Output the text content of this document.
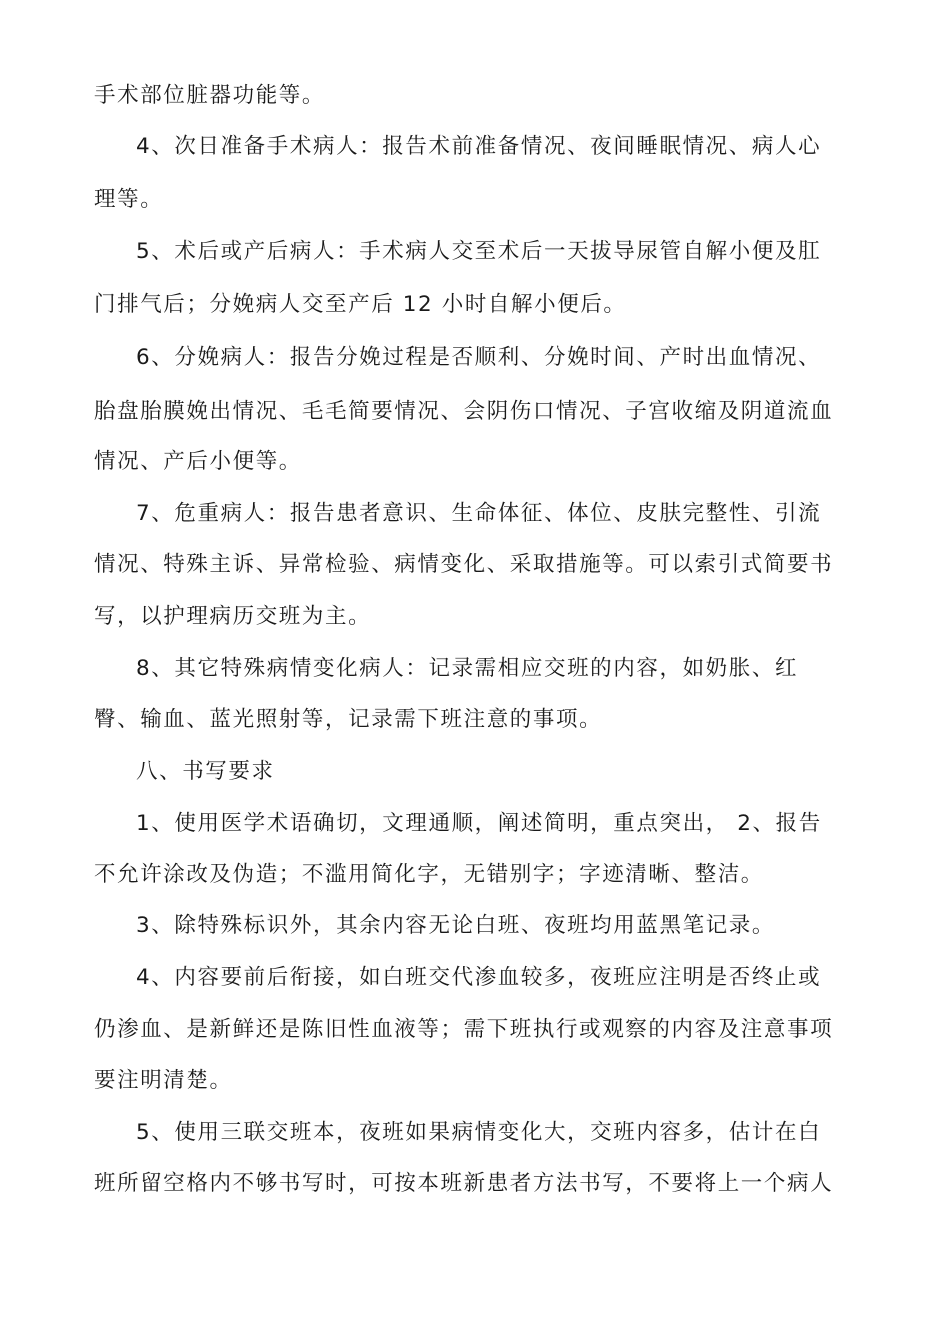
手术部位脏器功能等。
4、次日准备手术病人：报告术前准备情况、夜间睡眠情况、病人心
理等。
5、术后或产后病人：手术病人交至术后一天拔导尿管自解小便及肛
门排气后；分娩病人交至产后 12 小时自解小便后。
6、分娩病人：报告分娩过程是否顺利、分娩时间、产时出血情况、
胎盘胎膜娩出情况、毛毛简要情况、会阴伤口情况、子宫收缩及阴道流血
情况、产后小便等。
7、危重病人：报告患者意识、生命体征、体位、皮肤完整性、引流
情况、特殊主诉、异常检验、病情变化、采取措施等。可以索引式简要书
写，以护理病历交班为主。
8、其它特殊病情变化病人：记录需相应交班的内容，如奶胀、红
臀、输血、蓝光照射等，记录需下班注意的事项。
八、书写要求
1、使用医学术语确切，文理通顺，阐述简明，重点突出， 2、报告
不允许涂改及伪造；不滥用简化字，无错别字；字迹清晰、整洁。
3、除特殊标识外，其余内容无论白班、夜班均用蓝黑笔记录。
4、内容要前后衔接，如白班交代渗血较多，夜班应注明是否终止或
仍渗血、是新鲜还是陈旧性血液等；需下班执行或观察的内容及注意事项
要注明清楚。
5、使用三联交班本，夜班如果病情变化大，交班内容多，估计在白
班所留空格内不够书写时，可按本班新患者方法书写，不要将上一个病人
